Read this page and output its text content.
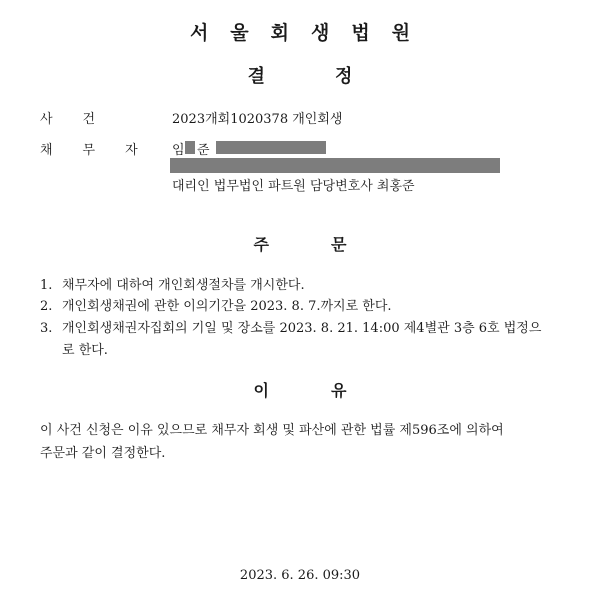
서울회생법원
결정
사건	2023개회1020378 개인회생
채무자 임 준
대리인 법무법인 파트원 담당변호사 최홍준
주문
1. 채무자에 대하여 개인회생절차를 개시한다.
2. 개인회생채권에 관한 이의기간을 2023. 8. 7.까지로 한다.
3. 개인회생채권자집회의 기일 및 장소를 2023. 8. 21. 14:00 제4별관 3층 6호 법정으
로 한다.
이유
이 사건 신청은 이유 있으므로 채무자 회생 및 파산에 관한 법률 제596조에 의하여
주문과 같이 결정한다.
2023. 6. 26. 09:30
